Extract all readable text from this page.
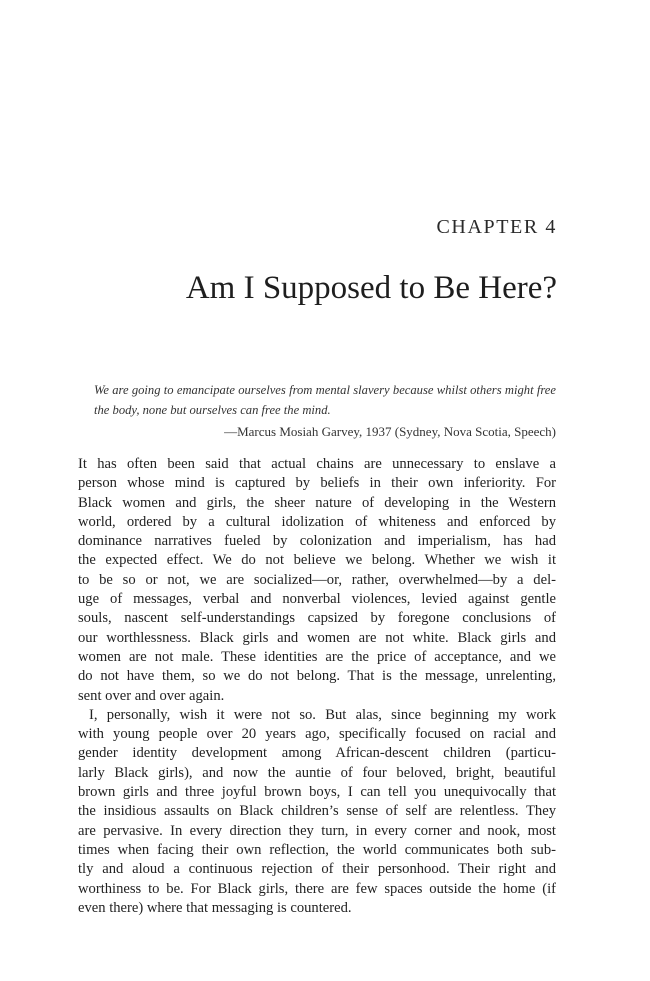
CHAPTER 4
Am I Supposed to Be Here?

We are going to emancipate ourselves from mental slavery because whilst others might free the body, none but ourselves can free the mind.

—Marcus Mosiah Garvey, 1937 (Sydney, Nova Scotia, Speech)

It has often been said that actual chains are unnecessary to enslave a
person whose mind is captured by beliefs in their own inferiority. For
Black women and girls, the sheer nature of developing in the Western
world, ordered by a cultural idolization of whiteness and enforced by
dominance narratives fueled by colonization and imperialism, has had
the expected effect. We do not believe we belong. Whether we wish it
to be so or not, we are socialized—or, rather, overwhelmed—by a del-
uge of messages, verbal and nonverbal violences, levied against gentle
souls, nascent self-understandings capsized by foregone conclusions of
our worthlessness. Black girls and women are not white. Black girls and
women are not male. These identities are the price of acceptance, and we
do not have them, so we do not belong. That is the message, unrelenting,
sent over and over again.

I, personally, wish it were not so. But alas, since beginning my work
with young people over 20 years ago, specifically focused on racial and
gender identity development among African-descent children (particu-
larly Black girls), and now the auntie of four beloved, bright, beautiful
brown girls and three joyful brown boys, I can tell you unequivocally that
the insidious assaults on Black children’s sense of self are relentless. They
are pervasive. In every direction they turn, in every corner and nook, most
times when facing their own reflection, the world communicates both sub-
tly and aloud a continuous rejection of their personhood. Their right and
worthiness to be. For Black girls, there are few spaces outside the home (if
even there) where that messaging is countered.
